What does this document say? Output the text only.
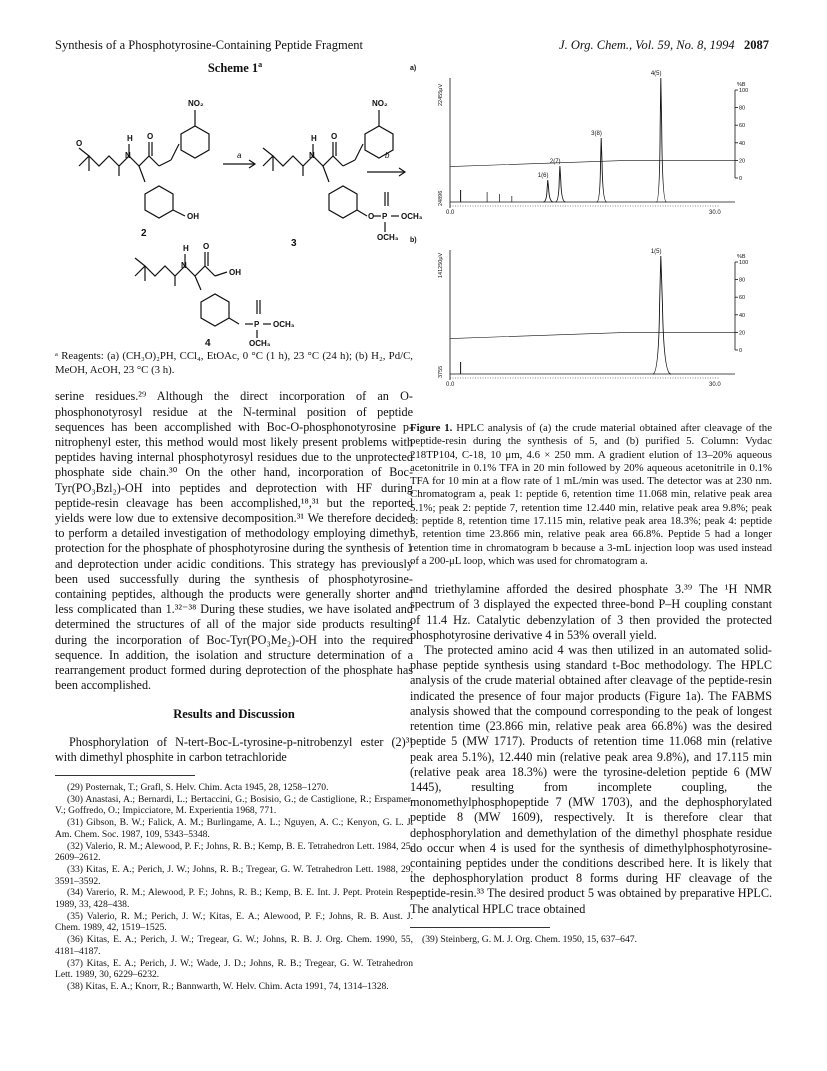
Synthesis of a Phosphotyrosine-Containing Peptide Fragment	J. Org. Chem., Vol. 59, No. 8, 1994 2087
Scheme 1$^a$
NO₂	NO₂
OH	OCH₃
OCH₃
OCH₃
OCH₃
OH
O
O	O
O
O
H	H
H
N	N
N
P
P
a	b
2
3
4
ᵃ Reagents: (a) (CH₃O)₂PH, CCl₄, EtOAc, 0 °C (1 h), 23 °C (24 h); (b) H₂, Pd/C, MeOH, AcOH, 23 °C (3 h).

serine residues.²⁹ Although the direct incorporation of an O-phosphonotyrosyl residue at the N-terminal position of peptide sequences has been accomplished with Boc-O-phosphonotyrosine p-nitrophenyl ester, this method would most likely present problems with peptides having internal phosphotyrosyl residues due to the unprotected phosphate side chain.³⁰ On the other hand, incorporation of Boc-Tyr(PO₃Bzl₂)-OH into peptides and deprotection with HF during peptide-resin cleavage has been accomplished,¹⁸,³¹ but the reported yields were low due to extensive decomposition.³¹ We therefore decided to perform a detailed investigation of methodology employing dimethyl protection for the phosphate of phosphotyrosine during the synthesis of 1 and deprotection under acidic conditions. This strategy has previously been used successfully during the synthesis of phosphotyrosine-containing peptides, although the products were generally shorter and less complicated than 1.³²⁻³⁸ During these studies, we have isolated and determined the structures of all of the major side products resulting during the incorporation of Boc-Tyr(PO₃Me₂)-OH into the required sequence. In addition, the isolation and structure determination of a rearrangement product formed during deprotection of the phosphate has been accomplished.

Results and Discussion

Phosphorylation of N-tert-Boc-L-tyrosine-p-nitrobenzyl ester (2)³¹ with dimethyl phosphite in carbon tetrachloride

(29) Posternak, T.; Grafl, S. Helv. Chim. Acta 1945, 28, 1258–1270.
(30) Anastasi, A.; Bernardi, L.; Bertaccini, G.; Bosisio, G.; de Castiglione, R.; Erspamer, V.; Goffredo, O.; Impicciatore, M. Experientia 1968, 771.
(31) Gibson, B. W.; Falick, A. M.; Burlingame, A. L.; Nguyen, A. C.; Kenyon, G. L. J. Am. Chem. Soc. 1987, 109, 5343–5348.
(32) Valerio, R. M.; Alewood, P. F.; Johns, R. B.; Kemp, B. E. Tetrahedron Lett. 1984, 25, 2609–2612.
(33) Kitas, E. A.; Perich, J. W.; Johns, R. B.; Tregear, G. W. Tetrahedron Lett. 1988, 29, 3591–3592.
(34) Varerio, R. M.; Alewood, P. F.; Johns, R. B.; Kemp, B. E. Int. J. Pept. Protein Res. 1989, 33, 428–438.
(35) Valerio, R. M.; Perich, J. W.; Kitas, E. A.; Alewood, P. F.; Johns, R. B. Aust. J. Chem. 1989, 42, 1519–1525.
(36) Kitas, E. A.; Perich, J. W.; Tregear, G. W.; Johns, R. B. J. Org. Chem. 1990, 55, 4181–4187.
(37) Kitas, E. A.; Perich, J. W.; Wade, J. D.; Johns, R. B.; Tregear, G. W. Tetrahedron Lett. 1989, 30, 6229–6232.
(38) Kitas, E. A.; Knorr, R.; Bannwarth, W. Helv. Chim. Acta 1991, 74, 1314–1328.
a)
22455μV
24896
%B
100
80
60
40
20
0
0.0	30.0
1(6)
2(7)
3(8)
4(5)
b)
141250μV
3755
%B
100
80
60
40
20
0
0.0	30.0
1(5)
Figure 1. HPLC analysis of (a) the crude material obtained after cleavage of the peptide-resin during the synthesis of 5, and (b) purified 5. Column: Vydac 218TP104, C-18, 10 μm, 4.6 × 250 mm. A gradient elution of 13–20% aqueous acetonitrile in 0.1% TFA in 20 min followed by 20% aqueous acetonitrile in 0.1% TFA for 10 min at a flow rate of 1 mL/min was used. The detector was at 230 nm. Chromatogram a, peak 1: peptide 6, retention time 11.068 min, relative peak area 5.1%; peak 2: peptide 7, retention time 12.440 min, relative peak area 9.8%; peak 3: peptide 8, retention time 17.115 min, relative peak area 18.3%; peak 4: peptide 5, retention time 23.866 min, relative peak area 66.8%. Peptide 5 had a longer retention time in chromatogram b because a 3-mL injection loop was used instead of a 200-μL loop, which was used for chromatogram a.

and triethylamine afforded the desired phosphate 3.³⁹ The ¹H NMR spectrum of 3 displayed the expected three-bond P–H coupling constant of 11.4 Hz. Catalytic debenzylation of 3 then provided the protected phosphotyrosine derivative 4 in 53% overall yield.

The protected amino acid 4 was then utilized in an automated solid-phase peptide synthesis using standard t-Boc methodology. The HPLC analysis of the crude material obtained after cleavage of the peptide-resin indicated the presence of four major products (Figure 1a). The FABMS analysis showed that the compound corresponding to the peak of longest retention time (23.866 min, relative peak area 66.8%) was the desired peptide 5 (MW 1717). Products of retention time 11.068 min (relative peak area 5.1%), 12.440 min (relative peak area 9.8%), and 17.115 min (relative peak area 18.3%) were the tyrosine-deletion peptide 6 (MW 1445), resulting from incomplete coupling, the monomethylphosphopeptide 7 (MW 1703), and the dephosphorylated peptide 8 (MW 1609), respectively. It is therefore clear that dephosphorylation and demethylation of the dimethyl phosphate residue do occur when 4 is used for the synthesis of dimethylphosphotyrosine-containing peptides under the conditions described here. It is likely that the dephosphorylation product 8 forms during HF cleavage of the peptide-resin.³³ The desired product 5 was obtained by preparative HPLC. The analytical HPLC trace obtained

(39) Steinberg, G. M. J. Org. Chem. 1950, 15, 637–647.
